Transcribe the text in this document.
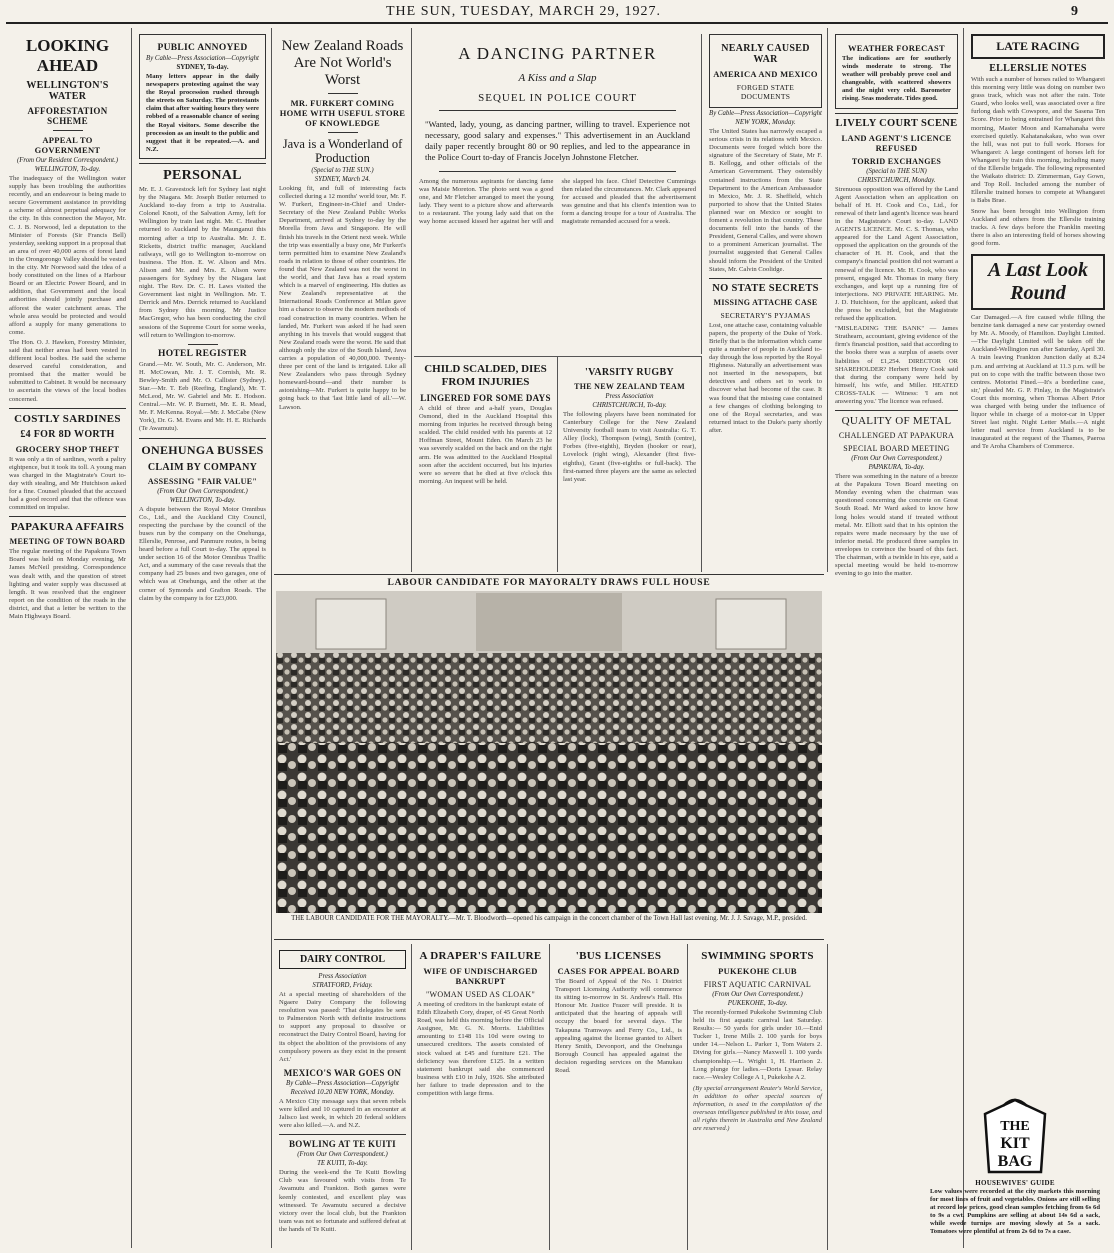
THE SUN, TUESDAY, MARCH 29, 1927.	9
LOOKING AHEAD
WELLINGTON'S WATER
AFFORESTATION SCHEME
APPEAL TO GOVERNMENT
(From Our Resident Correspondent.)
WELLINGTON, To-day.

The inadequacy of the Wellington water supply has been troubling the authorities recently, and an endeavour is being made to secure Government assistance in providing a scheme of almost perpetual adequacy for the city. In this connection the Mayor, Mr. C. J. B. Norwood, led a deputation to the Minister of Forests (Sir Francis Bell) yesterday, seeking support in a proposal that an area of over 40,000 acres of forest land in the Orongorongo Valley should be vested in the city. Mr Norwood said the idea of a body constituted on the lines of a Harbour Board or an Electric Power Board, and in addition, that Government and the local authorities should jointly purchase and afforest the water catchment areas. The whole area would be protected and would afford a supply for many generations to come.

The Hon. O. J. Hawken, Forestry Minister, said that neither areas had been vested in different local bodies. He said the scheme deserved careful consideration, and promised that the matter would be submitted to Cabinet. It would be necessary to ascertain the views of the local bodies concerned.

COSTLY SARDINES
£4 FOR 8D WORTH
GROCERY SHOP THEFT

It was only a tin of sardines, worth a paltry eightpence, but it took its toll. A young man was charged in the Magistrate's Court to-day with stealing, and Mr Hutchison asked for a fine. Counsel pleaded that the accused had a good record and that the offence was committed on impulse.

PAPAKURA AFFAIRS
MEETING OF TOWN BOARD

The regular meeting of the Papakura Town Board was held on Monday evening, Mr James McNeil presiding. Correspondence was dealt with, and the question of street lighting and water supply was discussed at length. It was resolved that the engineer report on the condition of the roads in the district, and that a letter be written to the Main Highways Board.

PUBLIC ANNOYED
By Cable—Press Association—Copyright
SYDNEY, To-day.

Many letters appear in the daily newspapers protesting against the way the Royal procession rushed through the streets on Saturday. The protestants claim that after waiting hours they were robbed of a reasonable chance of seeing the Royal visitors. Some describe the procession as an insult to the public and suggest that it be repeated.—A. and N.Z.

PERSONAL

Mr. E. J. Gravestock left for Sydney last night by the Niagara. Mr. Joseph Butler returned to Auckland to-day from a trip to Australia. Colonel Knott, of the Salvation Army, left for Wellington by train last night. Mr. C. Heather returned to Auckland by the Maunganui this morning after a trip to Australia. Mr. J. E. Ricketts, district traffic manager, Auckland railways, will go to Wellington to-morrow on business. The Hon. E. W. Alison and Mrs. Alison and Mr. and Mrs. E. Alison were passengers for Sydney by the Niagara last night. The Rev. Dr. C. H. Laws visited the Government last night in Wellington. Mr. T. Derrick and Mrs. Derrick returned to Auckland from Sydney this morning. Mr Justice MacGregor, who has been conducting the civil sessions of the Supreme Court for some weeks, will return to Wellington to-morrow.

HOTEL REGISTER

Grand.—Mr. W. South, Mr. C. Anderson, Mr. H. McCowan, Mr. J. T. Cornish, Mr. R. Bewley-Smith and Mr. O. Callister (Sydney). Star.—Mr. T. Eeb (Reefing, England), Mr. T. McLeod, Mr. W. Gabriel and Mr. E. Hodson. Central.—Mr. W. P. Burnett, Mr. E. R. Mead, Mr. F. McKenna. Royal.—Mr. J. McCabe (New York), Dr. G. M. Evans and Mr. H. E. Richards (Te Awamutu).

ONEHUNGA BUSSES
CLAIM BY COMPANY
ASSESSING "FAIR VALUE"
(From Our Own Correspondent.)
WELLINGTON, To-day.

A dispute between the Royal Motor Omnibus Co., Ltd., and the Auckland City Council, respecting the purchase by the council of the buses run by the company on the Onehunga, Ellerslie, Penrose, and Panmure routes, is being heard before a full Court to-day. The appeal is under section 16 of the Motor Omnibus Traffic Act, and a summary of the case reveals that the company had 25 buses and two garages, one of which was at Onehunga, and the other at the corner of Symonds and Grafton Roads. The claim by the company is for £23,000.

New Zealand Roads Are Not World's Worst
MR. FURKERT COMING HOME WITH USEFUL STORE OF KNOWLEDGE
Java is a Wonderland of Production
(Special to THE SUN.)
SYDNEY, March 24.

Looking fit, and full of interesting facts collected during a 12 months' world tour, Mr. F. W. Furkert, Engineer-in-Chief and Under-Secretary of the New Zealand Public Works Department, arrived at Sydney to-day by the Morella from Java and Singapore. He will finish his travels in the Orient next week. While the trip was essentially a busy one, Mr Furkert's term permitted him to examine New Zealand's roads in relation to those of other countries. He found that New Zealand was not the worst in the world, and that Java has a road system which is a marvel of engineering. His duties as New Zealand's representative at the International Roads Conference at Milan gave him a chance to observe the modern methods of road construction in many countries. When he landed, Mr. Furkert was asked if he had seen anything in his travels that would suggest that New Zealand roads were the worst. He said that although only the size of the South Island, Java carries a population of 40,000,000. Twenty-three per cent of the land is irrigated. Like all New Zealanders who pass through Sydney homeward-bound—and their number is astonishing—Mr. Furkert is quite happy to be going back to that 'last little land of all.'—W. Lawson.

A DANCING PARTNER
A Kiss and a Slap
SEQUEL IN POLICE COURT

"Wanted, lady, young, as dancing partner, willing to travel. Experience not necessary, good salary and expenses." This advertisement in an Auckland daily paper recently brought 80 or 90 replies, and led to the appearance in the Police Court to-day of Francis Jocelyn Johnstone Fletcher.

Among the numerous aspirants for dancing fame was Maisie Moreton. The photo sent was a good one, and Mr Fletcher arranged to meet the young lady. They went to a picture show and afterwards to a restaurant. The young lady said that on the way home accused kissed her against her will and she slapped his face. Chief Detective Cummings then related the circumstances. Mr. Clark appeared for accused and pleaded that the advertisement was genuine and that his client's intention was to form a dancing troupe for a tour of Australia. The magistrate remanded accused for a week.

CHILD SCALDED, DIES FROM INJURIES
LINGERED FOR SOME DAYS

A child of three and a-half years, Douglas Osmond, died in the Auckland Hospital this morning from injuries he received through being scalded. The child resided with his parents at 12 Hoffman Street, Mount Eden. On March 23 he was severely scalded on the back and on the right arm. He was admitted to the Auckland Hospital soon after the accident occurred, but his injuries were so severe that he died at five o'clock this morning. An inquest will be held.

'VARSITY RUGBY
THE NEW ZEALAND TEAM
Press Association
CHRISTCHURCH, To-day.

The following players have been nominated for Canterbury College for the New Zealand University football team to visit Australia: G. T. Alley (lock), Thompson (wing), Smith (centre), Forbes (five-eighth), Bryden (hooker or rear), Lovelock (right wing), Alexander (first five-eighths), Grant (five-eighths or full-back). The first-named three players are the same as selected last year.

NEARLY CAUSED WAR
AMERICA AND MEXICO
FORGED STATE DOCUMENTS
By Cable—Press Association—Copyright
NEW YORK, Monday.

The United States has narrowly escaped a serious crisis in its relations with Mexico. Documents were forged which bore the signature of the Secretary of State, Mr F. B. Kellogg, and other officials of the American Government. They ostensibly contained instructions from the State Department to the American Ambassador in Mexico, Mr. J. R. Sheffield, which purported to show that the United States planned war on Mexico or sought to foment a revolution in that country. These documents fell into the hands of the President, General Calles, and were shown to a prominent American journalist. The journalist suggested that General Calles should inform the President of the United States, Mr. Calvin Coolidge.

NO STATE SECRETS
MISSING ATTACHE CASE
SECRETARY'S PYJAMAS

Lost, one attache case, containing valuable papers, the property of the Duke of York. Briefly that is the information which came quite a number of people in Auckland to-day through the loss reported by the Royal Highness. Naturally an advertisement was not inserted in the newspapers, but detectives and others set to work to discover what had become of the case. It was found that the missing case contained a few changes of clothing belonging to one of the Royal secretaries, and was returned intact to the Duke's party shortly after.

WEATHER FORECAST

The indications are for southerly winds moderate to strong. The weather will probably prove cool and changeable, with scattered showers and the night very cold. Barometer rising. Seas moderate. Tides good.

LIVELY COURT SCENE
LAND AGENT'S LICENCE REFUSED
TORRID EXCHANGES
(Special to THE SUN)
CHRISTCHURCH, Monday.

Strenuous opposition was offered by the Land Agent Association when an application on behalf of H. H. Cook and Co., Ltd., for renewal of their land agent's licence was heard in the Magistrate's Court to-day. LAND AGENTS LICENCE. Mr. C. S. Thomas, who appeared for the Land Agent Association, opposed the application on the grounds of the character of H. H. Cook, and that the company's financial position did not warrant a renewal of the licence. Mr. H. Cook, who was present, engaged Mr. Thomas in many fiery exchanges, and kept up a running fire of interjections. NO PRIVATE HEARING. Mr. J. D. Hutchison, for the applicant, asked that the press be excluded, but the Magistrate refused the application.

"MISLEADING THE BANK" — James Strathearn, accountant, giving evidence of the firm's financial position, said that according to the books there was a surplus of assets over liabilities of £1,254. DIRECTOR OR SHAREHOLDER? Herbert Henry Cook said that during the company were held by himself, his wife, and Miller. HEATED CROSS-TALK — Witness: 'I am not answering you.' The licence was refused.

QUALITY OF METAL
CHALLENGED AT PAPAKURA
SPECIAL BOARD MEETING
(From Our Own Correspondent.)
PAPAKURA, To-day.

There was something in the nature of a breeze at the Papakura Town Board meeting on Monday evening when the chairman was questioned concerning the concrete on Great South Road. Mr Ward asked to know how long holes would stand if treated without metal. Mr. Elliott said that in his opinion the repairs were made necessary by the use of inferior metal. He produced three samples in envelopes to convince the board of this fact. The chairman, with a twinkle in his eye, said a special meeting would be held to-morrow evening to go into the matter.

LATE RACING
ELLERSLIE NOTES

With such a number of horses railed to Whangarei this morning very little was doing on number two grass track, which was not after the rain. Tote Guard, who looks well, was associated over a fire furlong dash with Cowspore, and the Sasena Ten Score. Prior to being entrained for Whangarei this morning, Master Moon and Kamahanaha were exercised quietly. Kahatanakakau, who was over the hill, was not put to full work. Horses for Whangarei: A large contingent of horses left for Whangarei by train this morning, including many of the Ellerslie brigade. The following represented the Waikato district: D. Zimmerman, Gay Gown, and Top Roll. Included among the number of Ellerslie trained horses to compete at Whangarei is Babs Brae.

Snow has been brought into Wellington from Auckland and others from the Ellerslie training tracks. A few days before the Franklin meeting there is also an interesting field of horses showing good form.

A Last Look Round

Car Damaged.—A fire caused while filling the benzine tank damaged a new car yesterday owned by Mr. A. Moody, of Hamilton. Daylight Limited.—The Daylight Limited will be taken off the Auckland-Wellington run after Saturday, April 30. A train leaving Frankton Junction daily at 8.24 p.m. and arriving at Auckland at 11.3 p.m. will be put on to cope with the traffic between those two centres. Motorist Fined.—It's a borderline case, sir,' pleaded Mr. G. P. Finlay, in the Magistrate's Court this morning, when Thomas Albert Prior was charged with being under the influence of liquor while in charge of a motor-car in Upper Street last night. Night Letter Mails.—A night letter mail service from Auckland is to be inaugurated at the request of the Thames, Paeroa and Te Aroha Chambers of Commerce.

THE
KIT
BAG
HOUSEWIVES' GUIDE

Low values were recorded at the city markets this morning for most lines of fruit and vegetables. Onions are still selling at record low prices, good clean samples fetching from 6s 6d to 9s a cwt. Pumpkins are selling at about 14s 6d a sack, while swede turnips are moving slowly at 5s a sack. Tomatoes were plentiful at from 2s 6d to 7s a case.

LABOUR CANDIDATE FOR MAYORALTY DRAWS FULL HOUSE
THE LABOUR CANDIDATE FOR THE MAYORALTY.—Mr. T. Bloodworth—opened his campaign in the concert chamber of the Town Hall last evening. Mr. J. J. Savage, M.P., presided.
DAIRY CONTROL
Press Association
STRATFORD, Friday.

At a special meeting of shareholders of the Ngaere Dairy Company the following resolution was passed: 'That delegates be sent to Palmerston North with definite instructions to support any proposal to dissolve or reconstruct the Dairy Control Board, having for its object the abolition of the provisions of any compulsory powers as they exist in the present Act.'

MEXICO'S WAR GOES ON
By Cable—Press Association—Copyright
Received 10.20 NEW YORK, Monday.

A Mexico City message says that seven rebels were killed and 10 captured in an encounter at Jalisco last week, in which 20 federal soldiers were also killed.—A. and N.Z.

BOWLING AT TE KUITI
(From Our Own Correspondent.)
TE KUITI, To-day.

During the week-end the Te Kuiti Bowling Club was favoured with visits from Te Awamutu and Frankton. Both games were keenly contested, and excellent play was witnessed. Te Awamutu secured a decisive victory over the local club, but the Frankton team was not so fortunate and suffered defeat at the hands of Te Kuiti.

A DRAPER'S FAILURE
WIFE OF UNDISCHARGED BANKRUPT
"WOMAN USED AS CLOAK"

A meeting of creditors in the bankrupt estate of Edith Elizabeth Cory, draper, of 45 Great North Road, was held this morning before the Official Assignee, Mr. G. N. Morris. Liabilities amounting to £148 11s 10d were owing to unsecured creditors. The assets consisted of stock valued at £45 and furniture £21. The deficiency was therefore £125. In a written statement bankrupt said she commenced business with £10 in July, 1926. She attributed her failure to trade depression and to the competition with large firms.

'BUS LICENSES
CASES FOR APPEAL BOARD

The Board of Appeal of the No. 1 District Transport Licensing Authority will commence its sitting to-morrow in St. Andrew's Hall. His Honour Mr. Justice Frazer will preside. It is anticipated that the hearing of appeals will occupy the board for several days. The Takapuna Tramways and Ferry Co., Ltd., is appealing against the license granted to Albert Henry Smith, Devonport, and the Onehunga Borough Council has appealed against the decision regarding services on the Manukau Road.

SWIMMING SPORTS
PUKEKOHE CLUB
FIRST AQUATIC CARNIVAL
(From Our Own Correspondent.)
PUKEKOHE, To-day.

The recently-formed Pukekohe Swimming Club held its first aquatic carnival last Saturday. Results:— 50 yards for girls under 10.—Enid Tucker 1, Irene Mills 2. 100 yards for boys under 14.—Nelson L. Parker 1, Tom Waters 2. Diving for girls.—Nancy Maxwell 1. 100 yards championship.—L. Wright 1, H. Harrison 2. Long plunge for ladies.—Doris Lyssar. Relay race.—Wesley College A 1, Pukekohe A 2.

(By special arrangement Reuter's World Service, in addition to other special sources of information, is used in the compilation of the overseas intelligence published in this issue, and all rights therein in Australia and New Zealand are reserved.)
